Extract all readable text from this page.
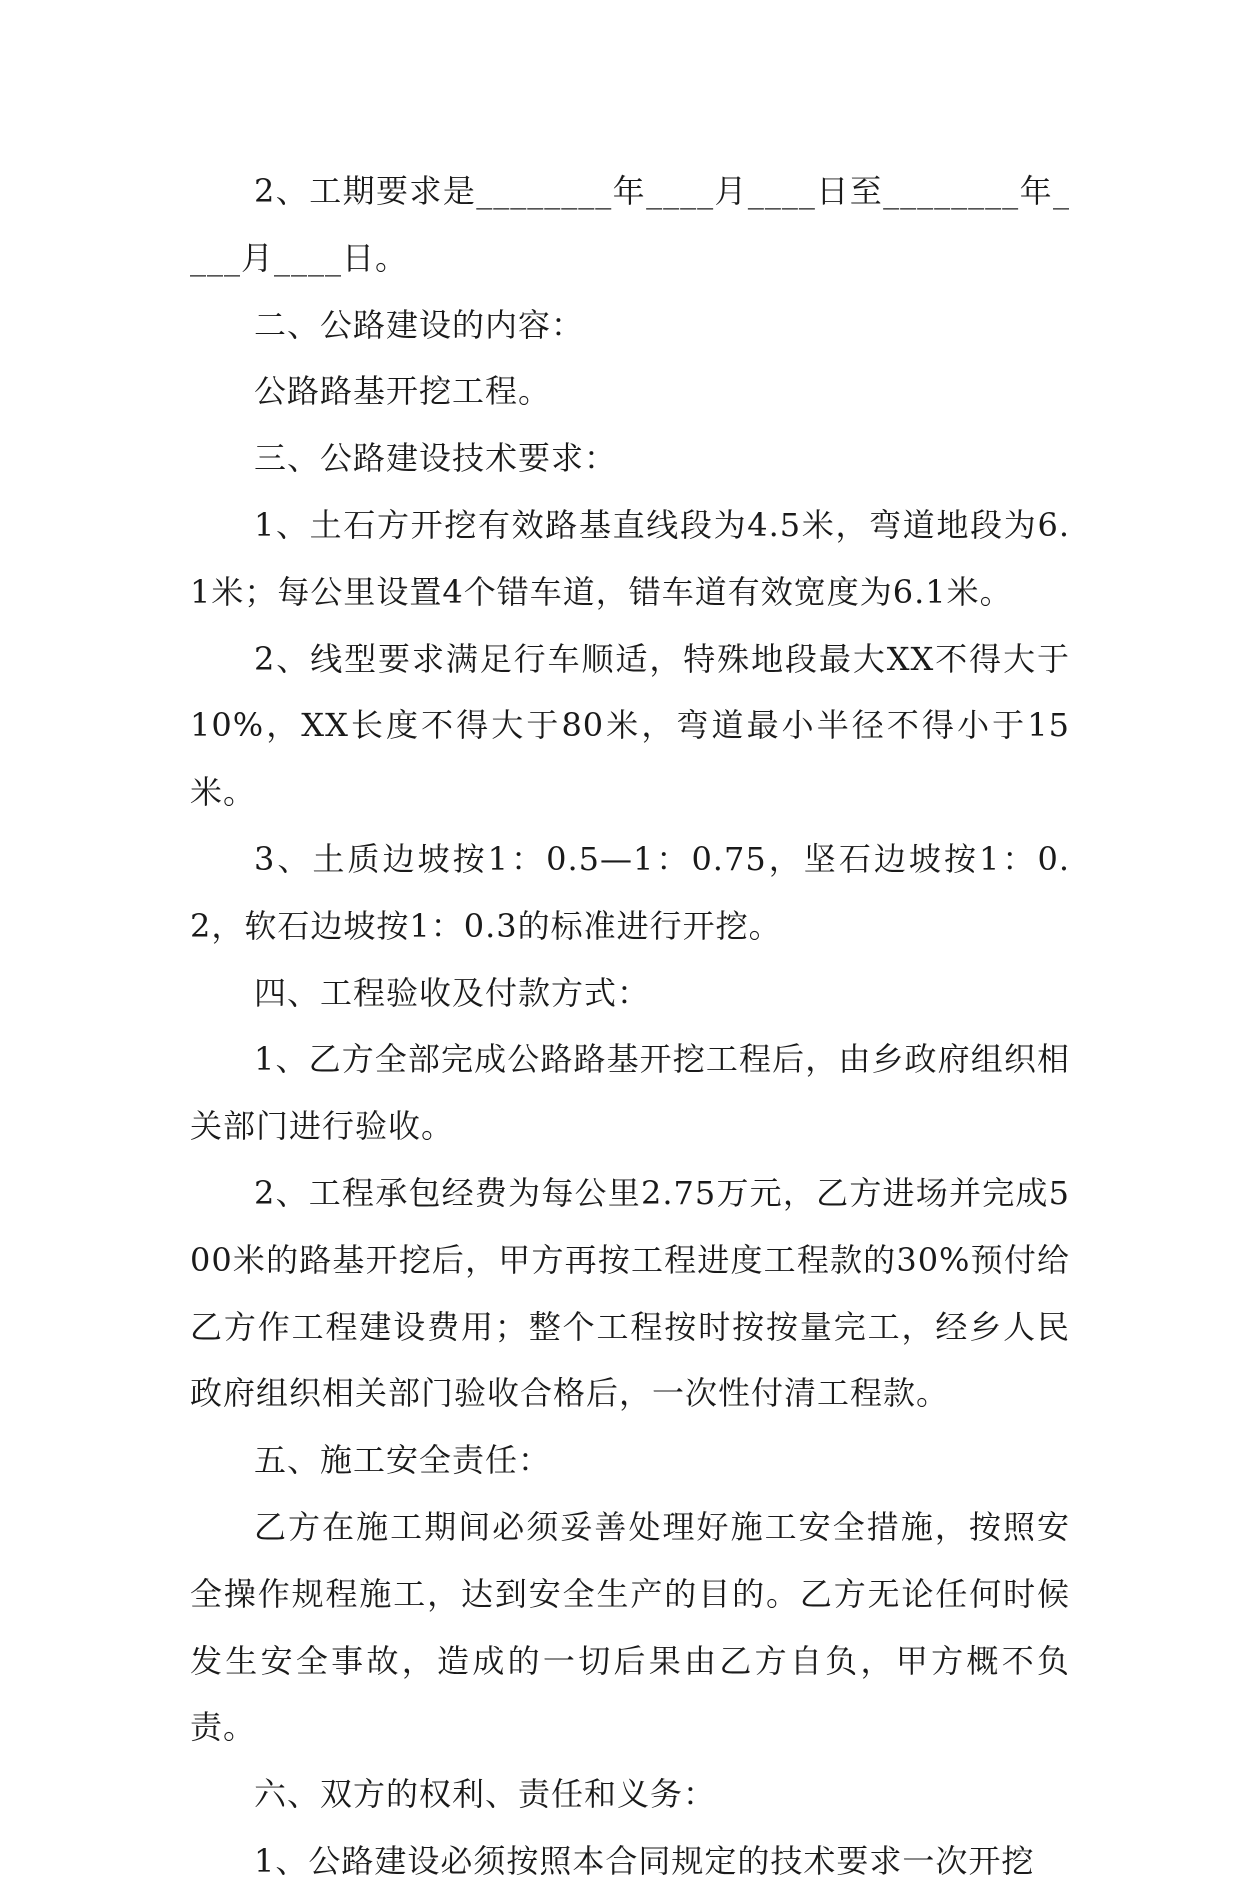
2、工期要求是________年____月____日至________年____月____日。

二、公路建设的内容：

公路路基开挖工程。

三、公路建设技术要求：

1、土石方开挖有效路基直线段为4.5米，弯道地段为6.1米；每公里设置4个错车道，错车道有效宽度为6.1米。

2、线型要求满足行车顺适，特殊地段最大XX不得大于10%，XX长度不得大于80米，弯道最小半径不得小于15米。

3、土质边坡按1：0.5—1：0.75，坚石边坡按1：0.2，软石边坡按1：0.3的标准进行开挖。

四、工程验收及付款方式：

1、乙方全部完成公路路基开挖工程后，由乡政府组织相关部门进行验收。

2、工程承包经费为每公里2.75万元，乙方进场并完成500米的路基开挖后，甲方再按工程进度工程款的30%预付给乙方作工程建设费用；整个工程按时按按量完工，经乡人民政府组织相关部门验收合格后，一次性付清工程款。

五、施工安全责任：

乙方在施工期间必须妥善处理好施工安全措施，按照安全操作规程施工，达到安全生产的目的。乙方无论任何时候发生安全事故，造成的一切后果由乙方自负，甲方概不负责。

六、双方的权利、责任和义务：

1、公路建设必须按照本合同规定的技术要求一次开挖
